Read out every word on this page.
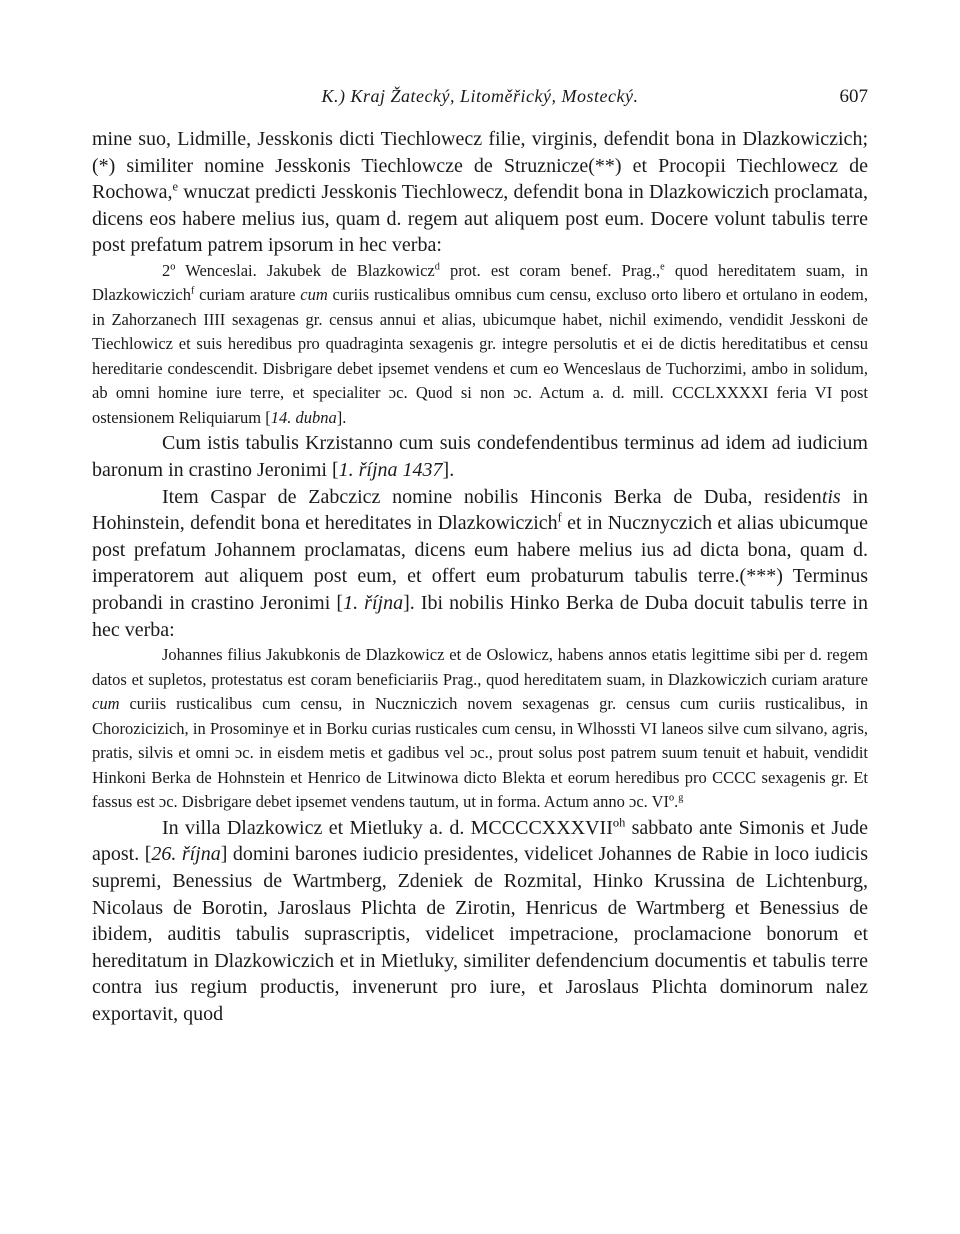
K.) Kraj Žatecký, Litoměřický, Mostecký.	607

mine suo, Lidmille, Jesskonis dicti Tiechlowecz filie, virginis, defendit bona in Dlazkowiczich;(*) similiter nomine Jesskonis Tiechlowcze de Struznicze(**) et Procopii Tiechlowecz de Rochowa,$^e$ wnuczat predicti Jesskonis Tiechlowecz, defendit bona in Dlazkowiczich proclamata, dicens eos habere melius ius, quam d. regem aut aliquem post eum. Docere volunt tabulis terre post prefatum patrem ipsorum in hec verba:

2º Wenceslai. Jakubek de Blazkowicz$^d$ prot. est coram benef. Prag.,$^e$ quod hereditatem suam, in Dlazkowiczich$^f$ curiam arature cum curiis rusticalibus omnibus cum censu, excluso orto libero et ortulano in eodem, in Zahorzanech IIII sexagenas gr. census annui et alias, ubicumque habet, nichil eximendo, vendidit Jesskoni de Tiechlowicz et suis heredibus pro quadraginta sexagenis gr. integre persolutis et ei de dictis hereditatibus et censu hereditarie condescendit. Disbrigare debet ipsemet vendens et cum eo Wenceslaus de Tuchorzimi, ambo in solidum, ab omni homine iure terre, et specialiter ɔc. Quod si non ɔc. Actum a. d. mill. CCCLXXXXI feria VI post ostensionem Reliquiarum [14. dubna].

Cum istis tabulis Krzistanno cum suis condefendentibus terminus ad idem ad iudicium baronum in crastino Jeronimi [1. října 1437].

Item Caspar de Zabczicz nomine nobilis Hinconis Berka de Duba, residentis in Hohinstein, defendit bona et hereditates in Dlazkowiczich$^f$ et in Nucznyczich et alias ubicumque post prefatum Johannem proclamatas, dicens eum habere melius ius ad dicta bona, quam d. imperatorem aut aliquem post eum, et offert eum probaturum tabulis terre.(***) Terminus probandi in crastino Jeronimi [1. října]. Ibi nobilis Hinko Berka de Duba docuit tabulis terre in hec verba:

Johannes filius Jakubkonis de Dlazkowicz et de Oslowicz, habens annos etatis legittime sibi per d. regem datos et supletos, protestatus est coram beneficiariis Prag., quod hereditatem suam, in Dlazkowiczich curiam arature cum curiis rusticalibus cum censu, in Nuczniczich novem sexagenas gr. census cum curiis rusticalibus, in Chorozicizich, in Prosominye et in Borku curias rusticales cum censu, in Wlhossti VI laneos silve cum silvano, agris, pratis, silvis et omni ɔc. in eisdem metis et gadibus vel ɔc., prout solus post patrem suum tenuit et habuit, vendidit Hinkoni Berka de Hohnstein et Henrico de Litwinowa dicto Blekta et eorum heredibus pro CCCC sexagenis gr. Et fassus est ɔc. Disbrigare debet ipsemet vendens tautum, ut in forma. Actum anno ɔc. VIº.$^g$

In villa Dlazkowicz et Mietluky a. d. MCCCCXXXVIIº$^h$ sabbato ante Simonis et Jude apost. [26. října] domini barones iudicio presidentes, videlicet Johannes de Rabie in loco iudicis supremi, Benessius de Wartmberg, Zdeniek de Rozmital, Hinko Krussina de Lichtenburg, Nicolaus de Borotin, Jaroslaus Plichta de Zirotin, Henricus de Wartmberg et Benessius de ibidem, auditis tabulis suprascriptis, videlicet impetracione, proclamacione bonorum et hereditatum in Dlazkowiczich et in Mietluky, similiter defendencium documentis et tabulis terre contra ius regium productis, invenerunt pro iure, et Jaroslaus Plichta dominorum nalez exportavit, quod
